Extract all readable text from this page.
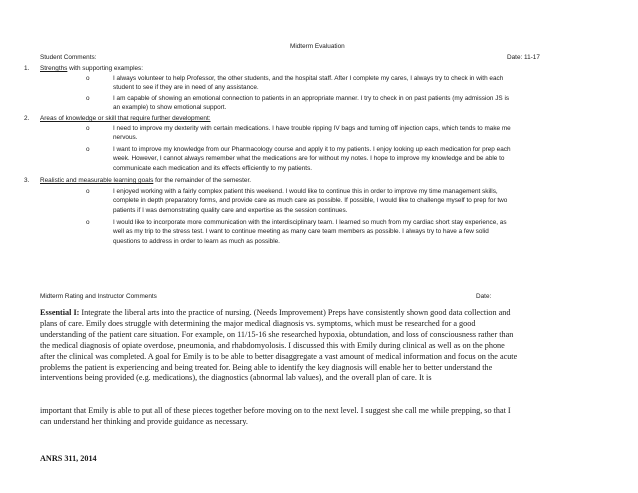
Midterm Evaluation
Student Comments:	Date: 11-17
1. Strengths with supporting examples:
o	I always volunteer to help Professor, the other students, and the hospital staff. After I complete my cares, I always try to check in with each
student to see if they are in need of any assistance.
o	I am capable of showing an emotional connection to patients in an appropriate manner. I try to check in on past patients (my admission JS is
an example) to show emotional support.
2. Areas of knowledge or skill that require further development:
o	I need to improve my dexterity with certain medications. I have trouble ripping IV bags and turning off injection caps, which tends to make me
nervous.
o	I want to improve my knowledge from our Pharmacology course and apply it to my patients. I enjoy looking up each medication for prep each
week. However, I cannot always remember what the medications are for without my notes. I hope to improve my knowledge and be able to
communicate each medication and its effects efficiently to my patients.
3. Realistic and measurable learning goals for the remainder of the semester.
o	I enjoyed working with a fairly complex patient this weekend. I would like to continue this in order to improve my time management skills,
complete in depth preparatory forms, and provide care as much care as possible. If possible, I would like to challenge myself to prep for two
patients if I was demonstrating quality care and expertise as the session continues.
o	I would like to incorporate more communication with the interdisciplinary team. I learned so much from my cardiac short stay experience, as
well as my trip to the stress test. I want to continue meeting as many care team members as possible. I always try to have a few solid
questions to address in order to learn as much as possible.
Midterm Rating and Instructor Comments	Date:
Essential I: Integrate the liberal arts into the practice of nursing. (Needs Improvement) Preps have consistently shown good data collection and
plans of care. Emily does struggle with determining the major medical diagnosis vs. symptoms, which must be researched for a good
understanding of the patient care situation. For example, on 11/15-16 she researched hypoxia, obtundation, and loss of consciousness rather than
the medical diagnosis of opiate overdose, pneumonia, and rhabdomyolosis. I discussed this with Emily during clinical as well as on the phone
after the clinical was completed. A goal for Emily is to be able to better disaggregate a vast amount of medical information and focus on the acute
problems the patient is experiencing and being treated for. Being able to identify the key diagnosis will enable her to better understand the
interventions being provided (e.g. medications), the diagnostics (abnormal lab values), and the overall plan of care. It is
important that Emily is able to put all of these pieces together before moving on to the next level. I suggest she call me while prepping, so that I
can understand her thinking and provide guidance as necessary.
ANRS 311, 2014
